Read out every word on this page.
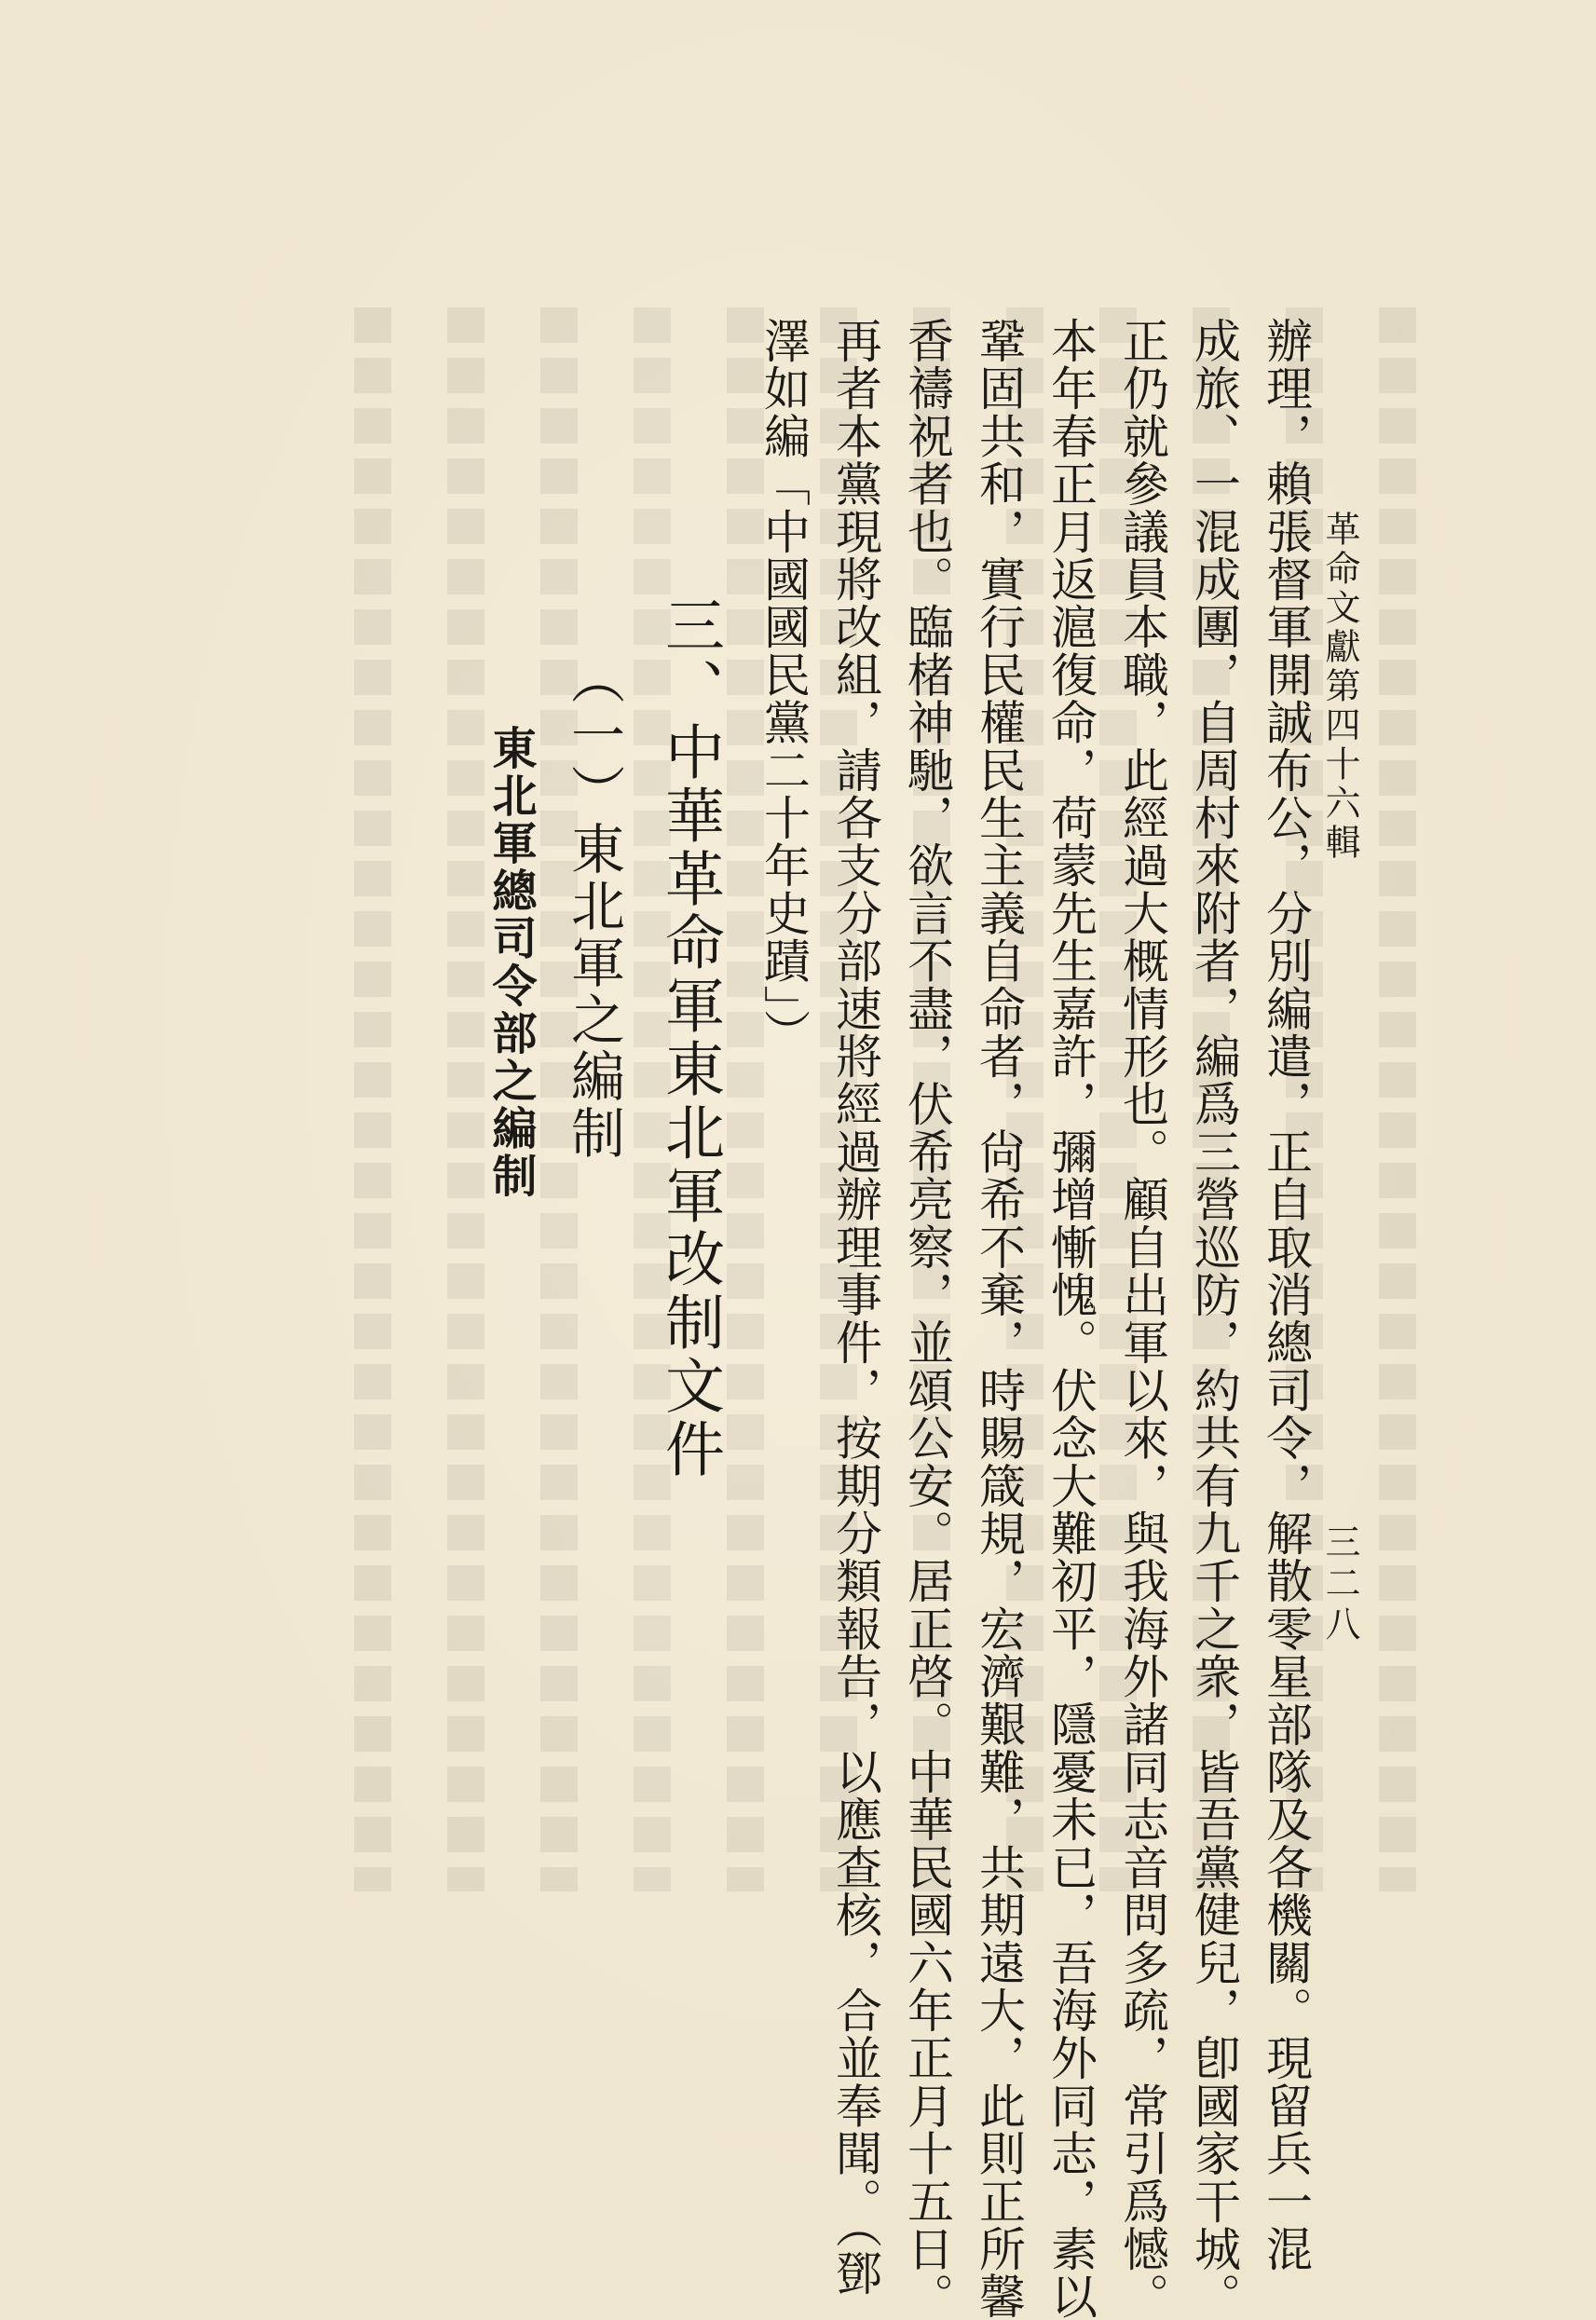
革命文獻第四十六輯
三二八
辦理，賴張督軍開誠布公，分別編遣，正自取消總司令，解散零星部隊及各機關。現留兵一混
成旅、一混成團，自周村來附者，編爲三營巡防，約共有九千之衆，皆吾黨健兒，卽國家干城。
正仍就參議員本職，此經過大概情形也。顧自出軍以來，與我海外諸同志音問多疏，常引爲憾。
本年春正月返滬復命，荷蒙先生嘉許，彌增慚愧。伏念大難初平，隱憂未已，吾海外同志，素以
鞏固共和，實行民權民生主義自命者，尙希不棄，時賜箴規，宏濟艱難，共期遠大，此則正所馨
香禱祝者也。臨楮神馳，欲言不盡，伏希亮察，並頌公安。居正啓。中華民國六年正月十五日。
再者本黨現將改組，請各支分部速將經過辦理事件，按期分類報告，以應查核，合並奉聞。（鄧
澤如編「中國國民黨二十年史蹟」）
三、中華革命軍東北軍改制文件
（一）東北軍之編制
東北軍總司令部之編制
